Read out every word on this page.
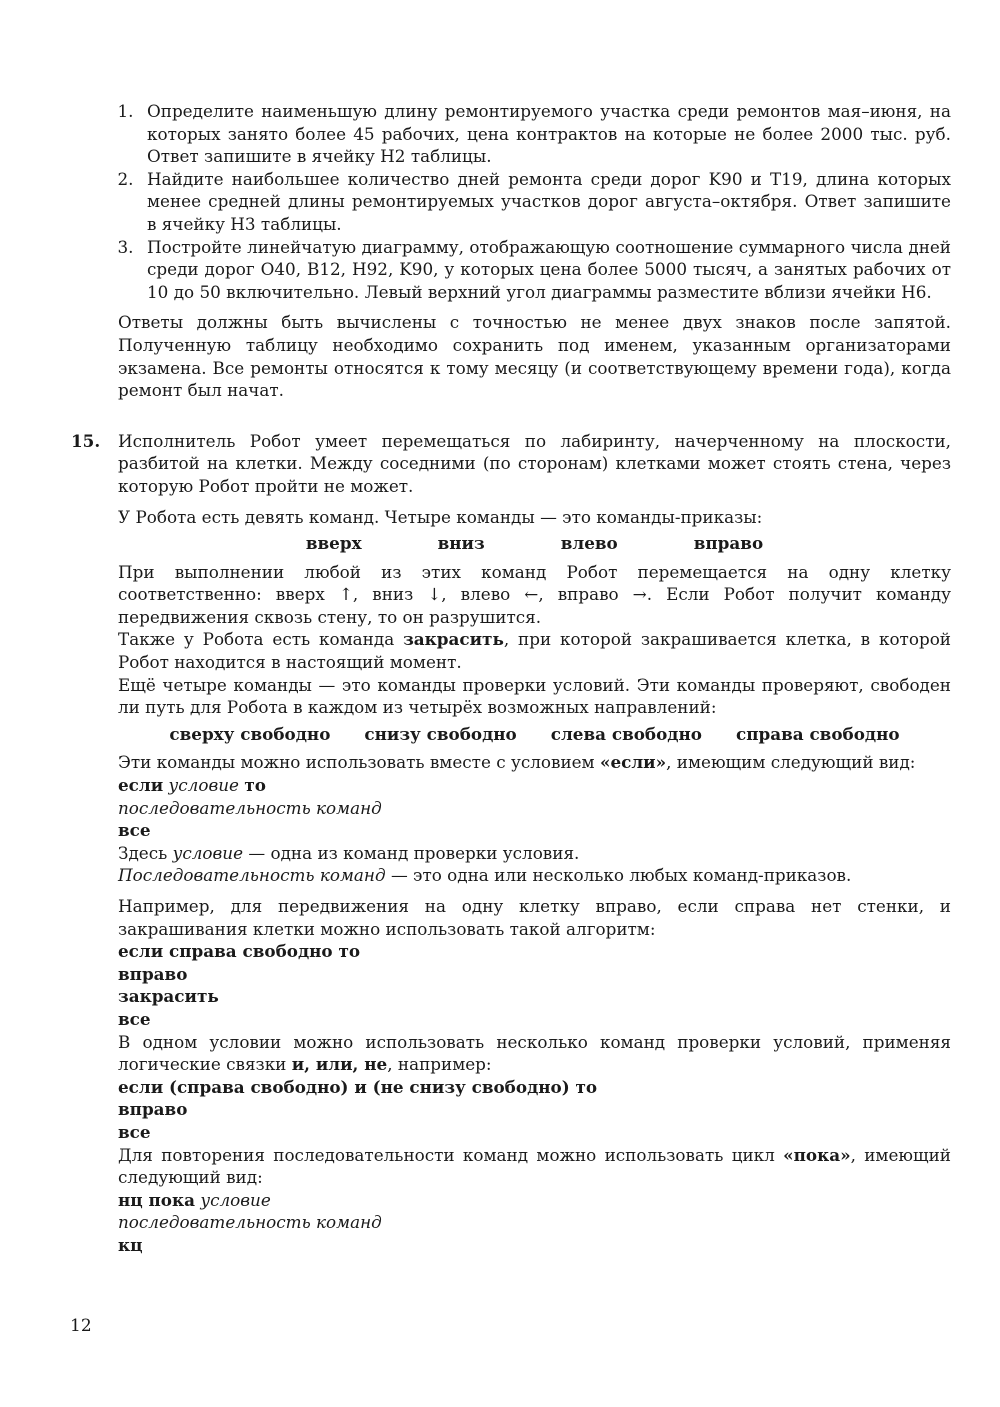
1. Определите наименьшую длину ремонтируемого участка среди ремонтов мая–июня, на которых занято более 45 рабочих, цена контрактов на которые не более 2000 тыс. руб. Ответ запишите в ячейку H2 таблицы.
2. Найдите наибольшее количество дней ремонта среди дорог K90 и T19, длина которых менее средней длины ремонтируемых участков дорог августа–октября. Ответ запишите в ячейку H3 таблицы.
3. Постройте линейчатую диаграмму, отображающую соотношение суммарного числа дней среди дорог O40, B12, H92, K90, у которых цена более 5000 тысяч, а занятых рабочих от 10 до 50 включительно. Левый верхний угол диаграммы разместите вблизи ячейки H6.

Ответы должны быть вычислены с точностью не менее двух знаков после запятой. Полученную таблицу необходимо сохранить под именем, указанным организаторами экзамена. Все ремонты относятся к тому месяцу (и соответствующему времени года), когда ремонт был начат.

15. Исполнитель Робот умеет перемещаться по лабиринту, начерченному на плоскости, разбитой на клетки. Между соседними (по сторонам) клетками может стоять стена, через которую Робот пройти не может.

У Робота есть девять команд. Четыре команды — это команды-приказы:

вверх	вниз	влево	вправо

При выполнении любой из этих команд Робот перемещается на одну клетку соответственно: вверх ↑, вниз ↓, влево ←, вправо →. Если Робот получит команду передвижения сквозь стену, то он разрушится.

Также у Робота есть команда закрасить, при которой закрашивается клетка, в которой Робот находится в настоящий момент.

Ещё четыре команды — это команды проверки условий. Эти команды проверяют, свободен ли путь для Робота в каждом из четырёх возможных направлений:

сверху свободно снизу свободно слева свободно справа свободно

Эти команды можно использовать вместе с условием «если», имеющим следующий вид:

если условие то
последовательность команд
все

Здесь условие — одна из команд проверки условия.

Последовательность команд — это одна или несколько любых команд-приказов.

Например, для передвижения на одну клетку вправо, если справа нет стенки, и закрашивания клетки можно использовать такой алгоритм:

если справа свободно то
вправо
закрасить
все

В одном условии можно использовать несколько команд проверки условий, применяя логические связки и, или, не, например:

если (справа свободно) и (не снизу свободно) то
вправо
все

Для повторения последовательности команд можно использовать цикл «пока», имеющий следующий вид:

нц пока условие
последовательность команд
кц
12
